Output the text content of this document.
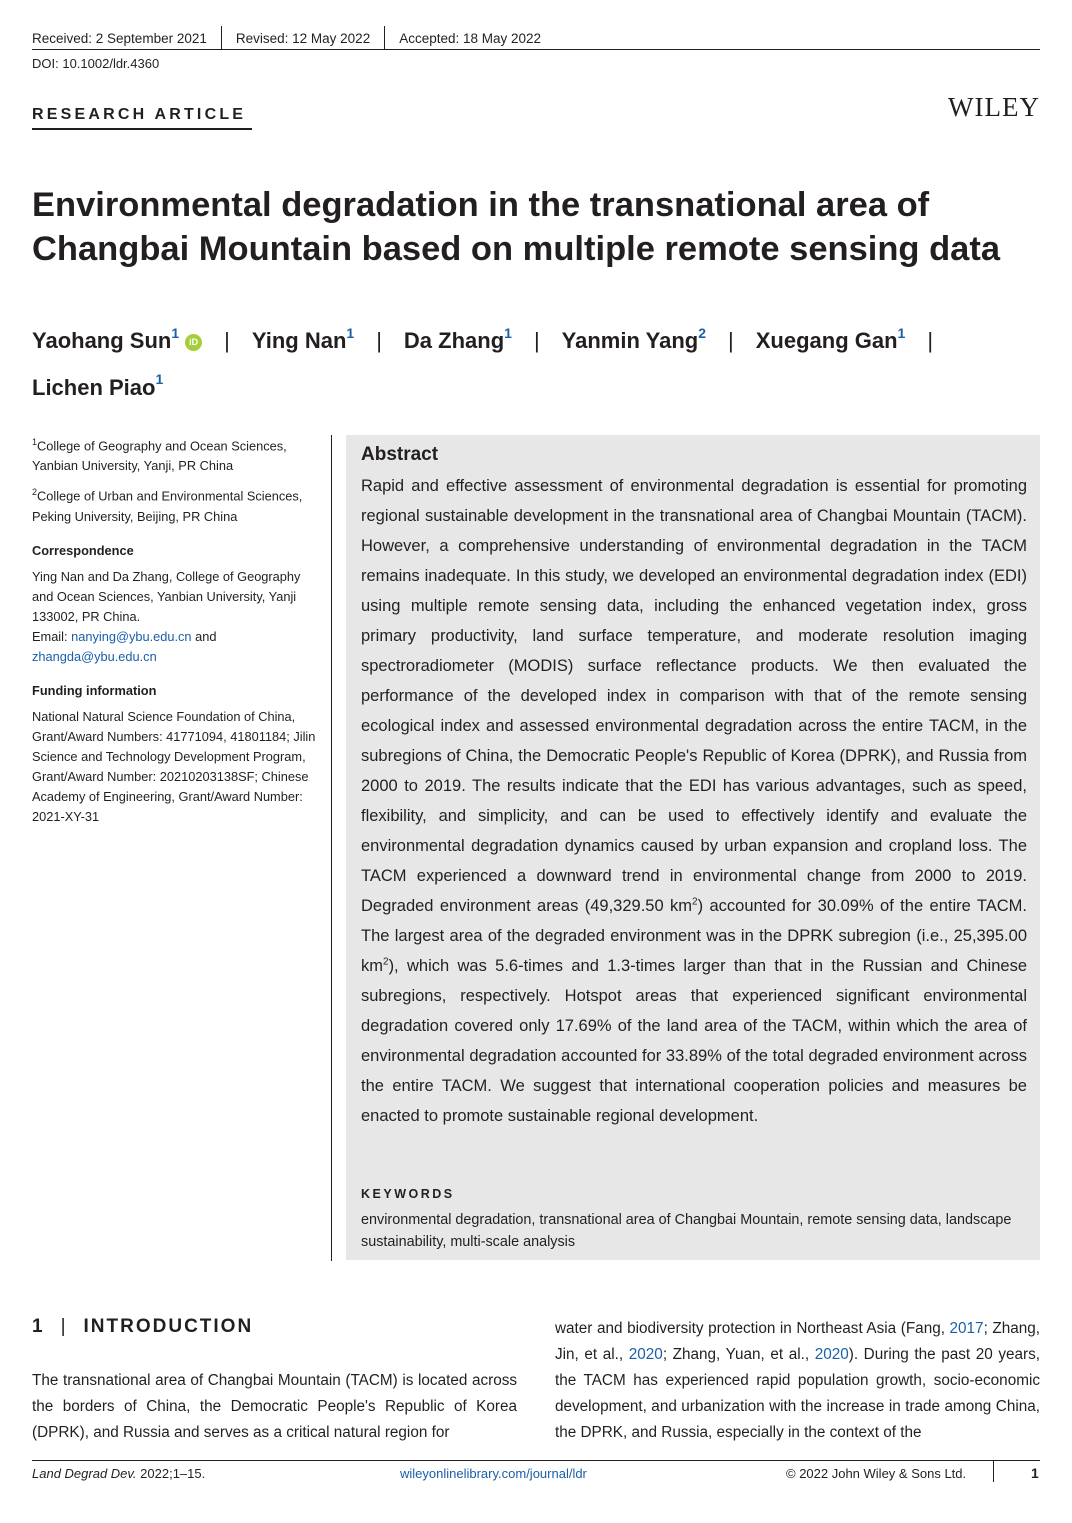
Received: 2 September 2021 Revised: 12 May 2022 Accepted: 18 May 2022
DOI: 10.1002/ldr.4360
RESEARCH ARTICLE	WILEY
Environmental degradation in the transnational area of
Changbai Mountain based on multiple remote sensing data
Yaohang Sun$^1$iD | Ying Nan$^1$ | Da Zhang$^1$ | Yanmin Yang$^2$ | Xuegang Gan$^1$ |
Lichen Piao$^1$

$^1$College of Geography and Ocean Sciences, Yanbian University, Yanji, PR China

$^2$College of Urban and Environmental Sciences, Peking University, Beijing, PR China

Correspondence

Ying Nan and Da Zhang, College of Geography and Ocean Sciences, Yanbian University, Yanji 133002, PR China.
Email: nanying@ybu.edu.cn and zhangda@ybu.edu.cn

Funding information

National Natural Science Foundation of China, Grant/Award Numbers: 41771094, 41801184; Jilin Science and Technology Development Program, Grant/Award Number: 20210203138SF; Chinese Academy of Engineering, Grant/Award Number: 2021-XY-31

Abstract
Rapid and effective assessment of environmental degradation is essential for promoting regional sustainable development in the transnational area of Changbai Mountain (TACM). However, a comprehensive understanding of environmental degradation in the TACM remains inadequate. In this study, we developed an environmental degradation index (EDI) using multiple remote sensing data, including the enhanced vegetation index, gross primary productivity, land surface temperature, and moderate resolution imaging spectroradiometer (MODIS) surface reflectance products. We then evaluated the performance of the developed index in comparison with that of the remote sensing ecological index and assessed environmental degradation across the entire TACM, in the subregions of China, the Democratic People's Republic of Korea (DPRK), and Russia from 2000 to 2019. The results indicate that the EDI has various advantages, such as speed, flexibility, and simplicity, and can be used to effectively identify and evaluate the environmental degradation dynamics caused by urban expansion and cropland loss. The TACM experienced a downward trend in environmental change from 2000 to 2019. Degraded environment areas (49,329.50 $km^2$) accounted for 30.09% of the entire TACM. The largest area of the degraded environment was in the DPRK subregion (i.e., 25,395.00 $km^2$), which was 5.6-times and 1.3-times larger than that in the Russian and Chinese subregions, respectively. Hotspot areas that experienced significant environmental degradation covered only 17.69% of the land area of the TACM, within which the area of environmental degradation accounted for 33.89% of the total degraded environment across the entire TACM. We suggest that international cooperation policies and measures be enacted to promote sustainable regional development.
KEYWORDS
environmental degradation, transnational area of Changbai Mountain, remote sensing data, landscape sustainability, multi-scale analysis
1 | INTRODUCTION
The transnational area of Changbai Mountain (TACM) is located across the borders of China, the Democratic People's Republic of Korea (DPRK), and Russia and serves as a critical natural region for
water and biodiversity protection in Northeast Asia (Fang, 2017; Zhang, Jin, et al., 2020; Zhang, Yuan, et al., 2020). During the past 20 years, the TACM has experienced rapid population growth, socio-economic development, and urbanization with the increase in trade among China, the DPRK, and Russia, especially in the context of the
Land Degrad Dev. 2022;1–15.	wileyonlinelibrary.com/journal/ldr	© 2022 John Wiley & Sons Ltd.	1
